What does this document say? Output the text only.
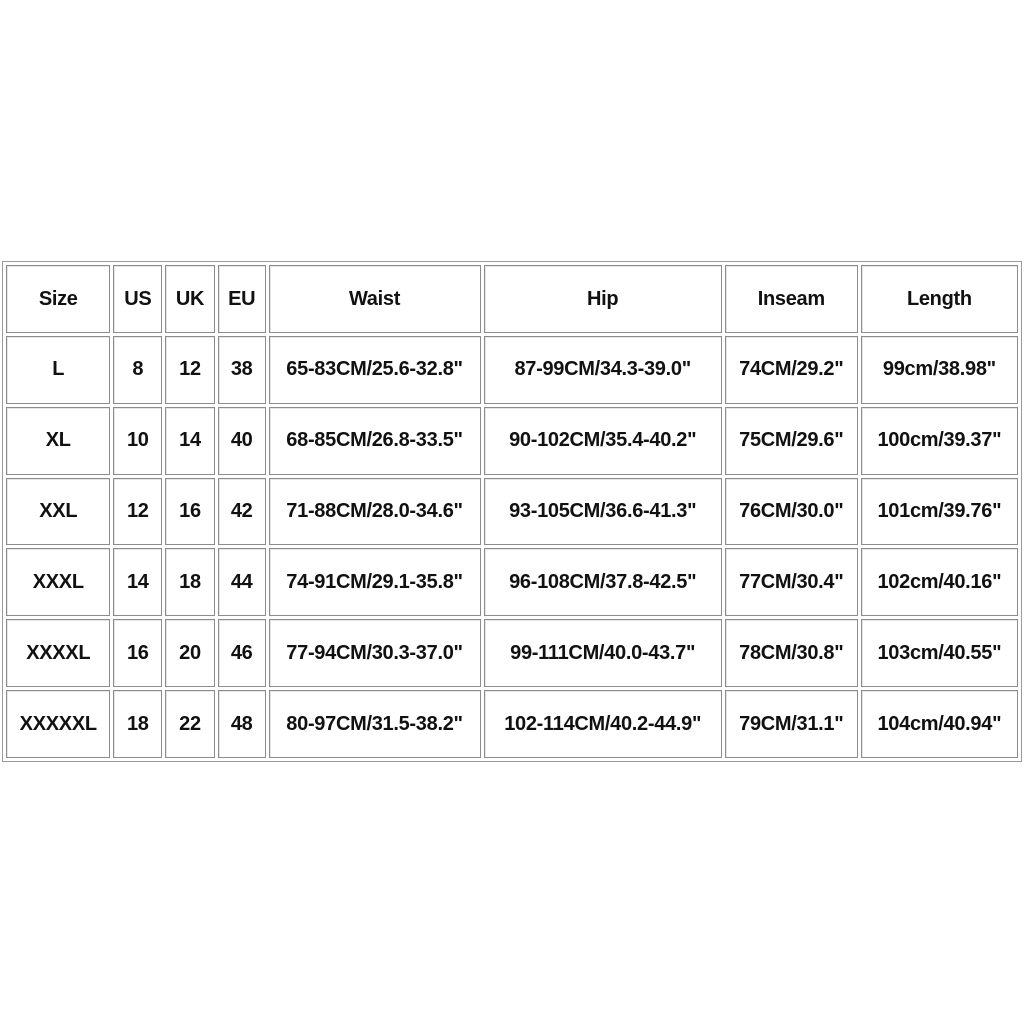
Size	US	UK	EU	Waist	Hip	Inseam	Length
L	8	12	38	65-83CM/25.6-32.8"	87-99CM/34.3-39.0"	74CM/29.2"	99cm/38.98"
XL	10	14	40	68-85CM/26.8-33.5"	90-102CM/35.4-40.2"	75CM/29.6"	100cm/39.37"
XXL	12	16	42	71-88CM/28.0-34.6"	93-105CM/36.6-41.3"	76CM/30.0"	101cm/39.76"
XXXL	14	18	44	74-91CM/29.1-35.8"	96-108CM/37.8-42.5"	77CM/30.4"	102cm/40.16"
XXXXL	16	20	46	77-94CM/30.3-37.0"	99-111CM/40.0-43.7"	78CM/30.8"	103cm/40.55"
XXXXXL	18	22	48	80-97CM/31.5-38.2"	102-114CM/40.2-44.9"	79CM/31.1"	104cm/40.94"
